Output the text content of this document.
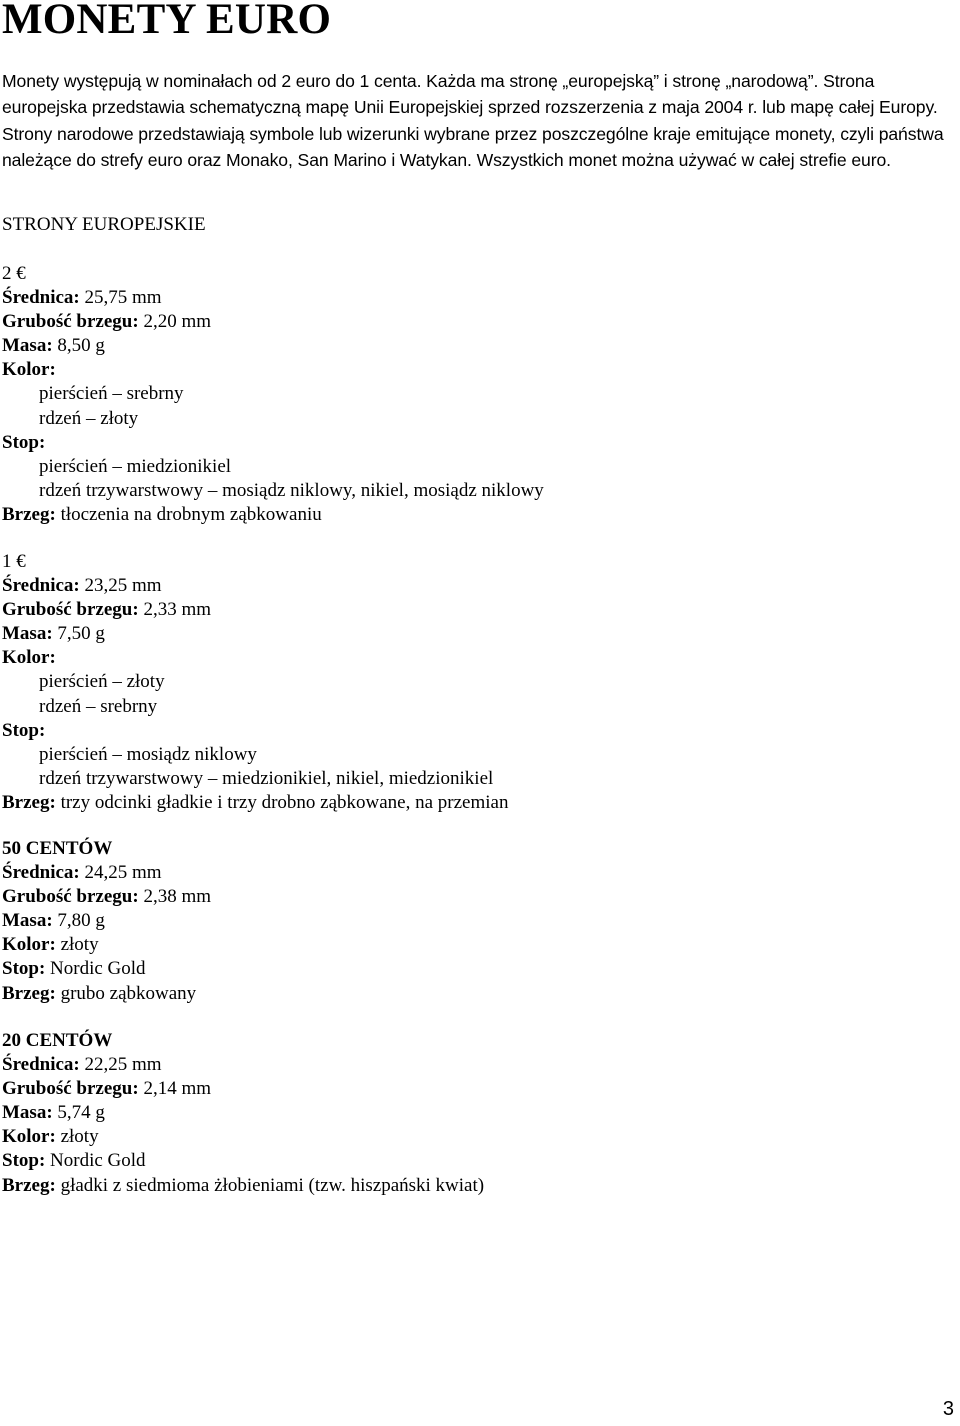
MONETY EURO

Monety występują w nominałach od 2 euro do 1 centa. Każda ma stronę „europejską” i stronę „narodową”. Strona europejska przedstawia schematyczną mapę Unii Europejskiej sprzed rozszerzenia z maja 2004 r. lub mapę całej Europy. Strony narodowe przedstawiają symbole lub wizerunki wybrane przez poszczególne kraje emitujące monety, czyli państwa należące do strefy euro oraz Monako, San Marino i Watykan. Wszystkich monet można używać w całej strefie euro.

STRONY EUROPEJSKIE
2 €
Średnica: 25,75 mm
Grubość brzegu: 2,20 mm
Masa: 8,50 g
Kolor:
pierścień – srebrny
rdzeń – złoty
Stop:
pierścień – miedzionikiel
rdzeń trzywarstwowy – mosiądz niklowy, nikiel, mosiądz niklowy
Brzeg: tłoczenia na drobnym ząbkowaniu
1 €
Średnica: 23,25 mm
Grubość brzegu: 2,33 mm
Masa: 7,50 g
Kolor:
pierścień – złoty
rdzeń – srebrny
Stop:
pierścień – mosiądz niklowy
rdzeń trzywarstwowy – miedzionikiel, nikiel, miedzionikiel
Brzeg: trzy odcinki gładkie i trzy drobno ząbkowane, na przemian
50 CENTÓW
Średnica: 24,25 mm
Grubość brzegu: 2,38 mm
Masa: 7,80 g
Kolor: złoty
Stop: Nordic Gold
Brzeg: grubo ząbkowany
20 CENTÓW
Średnica: 22,25 mm
Grubość brzegu: 2,14 mm
Masa: 5,74 g
Kolor: złoty
Stop: Nordic Gold
Brzeg: gładki z siedmioma żłobieniami (tzw. hiszpański kwiat)
3
